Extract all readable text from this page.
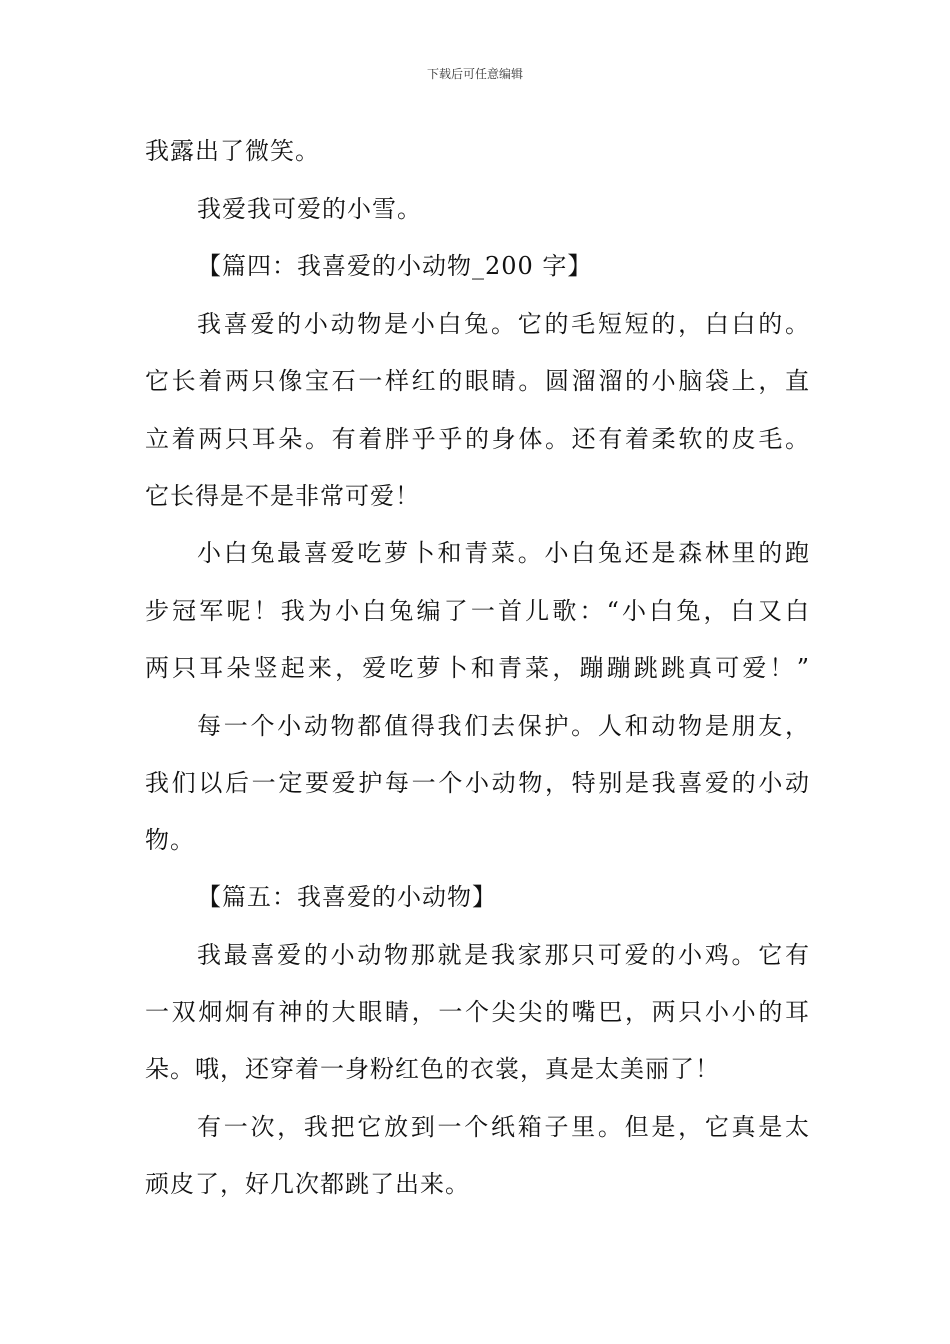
下载后可任意编辑
我露出了微笑。
我爱我可爱的小雪。
【篇四：我喜爱的小动物_200 字】
我喜爱的小动物是小白兔。它的毛短短的，白白的。
它长着两只像宝石一样红的眼睛。圆溜溜的小脑袋上，直
立着两只耳朵。有着胖乎乎的身体。还有着柔软的皮毛。
它长得是不是非常可爱！
小白兔最喜爱吃萝卜和青菜。小白兔还是森林里的跑
步冠军呢！我为小白兔编了一首儿歌：“小白兔，白又白
两只耳朵竖起来，爱吃萝卜和青菜，蹦蹦跳跳真可爱！”
每一个小动物都值得我们去保护。人和动物是朋友，
我们以后一定要爱护每一个小动物，特别是我喜爱的小动
物。
【篇五：我喜爱的小动物】
我最喜爱的小动物那就是我家那只可爱的小鸡。它有
一双炯炯有神的大眼睛，一个尖尖的嘴巴，两只小小的耳
朵。哦，还穿着一身粉红色的衣裳，真是太美丽了！
有一次，我把它放到一个纸箱子里。但是，它真是太
顽皮了，好几次都跳了出来。
